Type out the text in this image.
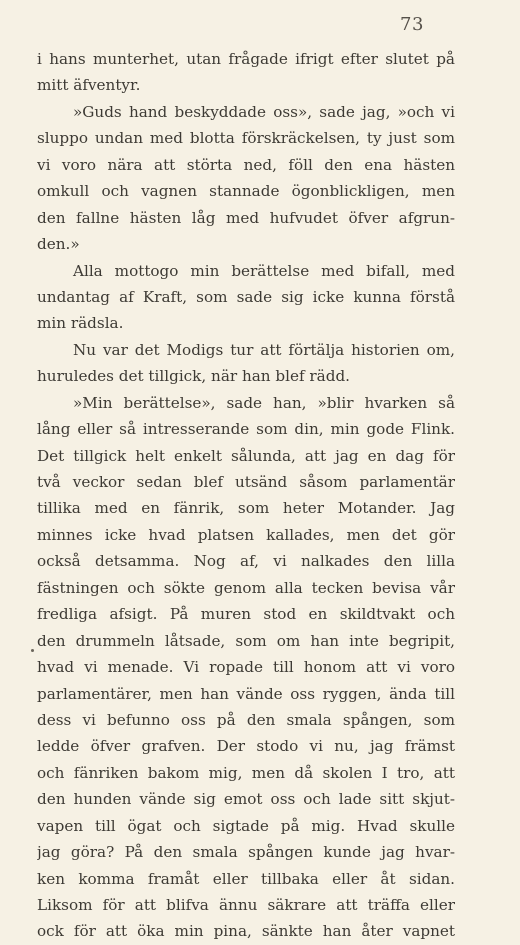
73
i hans munterhet, utan frågade ifrigt efter slutet på
mitt äfventyr.
»Guds hand beskyddade oss», sade jag, »och vi
sluppo undan med blotta förskräckelsen, ty just som
vi voro nära att störta ned, föll den ena hästen
omkull och vagnen stannade ögonblickligen, men
den fallne hästen låg med hufvudet öfver afgrun-
den.»
Alla mottogo min berättelse med bifall, med
undantag af Kraft, som sade sig icke kunna förstå
min rädsla.
Nu var det Modigs tur att förtälja historien om,
huruledes det tillgick, när han blef rädd.
»Min berättelse», sade han, »blir hvarken så
lång eller så intresserande som din, min gode Flink.
Det tillgick helt enkelt sålunda, att jag en dag för
två veckor sedan blef utsänd såsom parlamentär
tillika med en fänrik, som heter Motander. Jag
minnes icke hvad platsen kallades, men det gör
också detsamma. Nog af, vi nalkades den lilla
fästningen och sökte genom alla tecken bevisa vår
fredliga afsigt. På muren stod en skildtvakt och
den drummeln låtsade, som om han inte begripit,
hvad vi menade. Vi ropade till honom att vi voro
parlamentärer, men han vände oss ryggen, ända till
dess vi befunno oss på den smala spången, som
ledde öfver grafven. Der stodo vi nu, jag främst
och fänriken bakom mig, men då skolen I tro, att
den hunden vände sig emot oss och lade sitt skjut-
vapen till ögat och sigtade på mig. Hvad skulle
jag göra? På den smala spången kunde jag hvar-
ken komma framåt eller tillbaka eller åt sidan.
Liksom för att blifva ännu säkrare att träffa eller
ock för att öka min pina, sänkte han åter vapnet
